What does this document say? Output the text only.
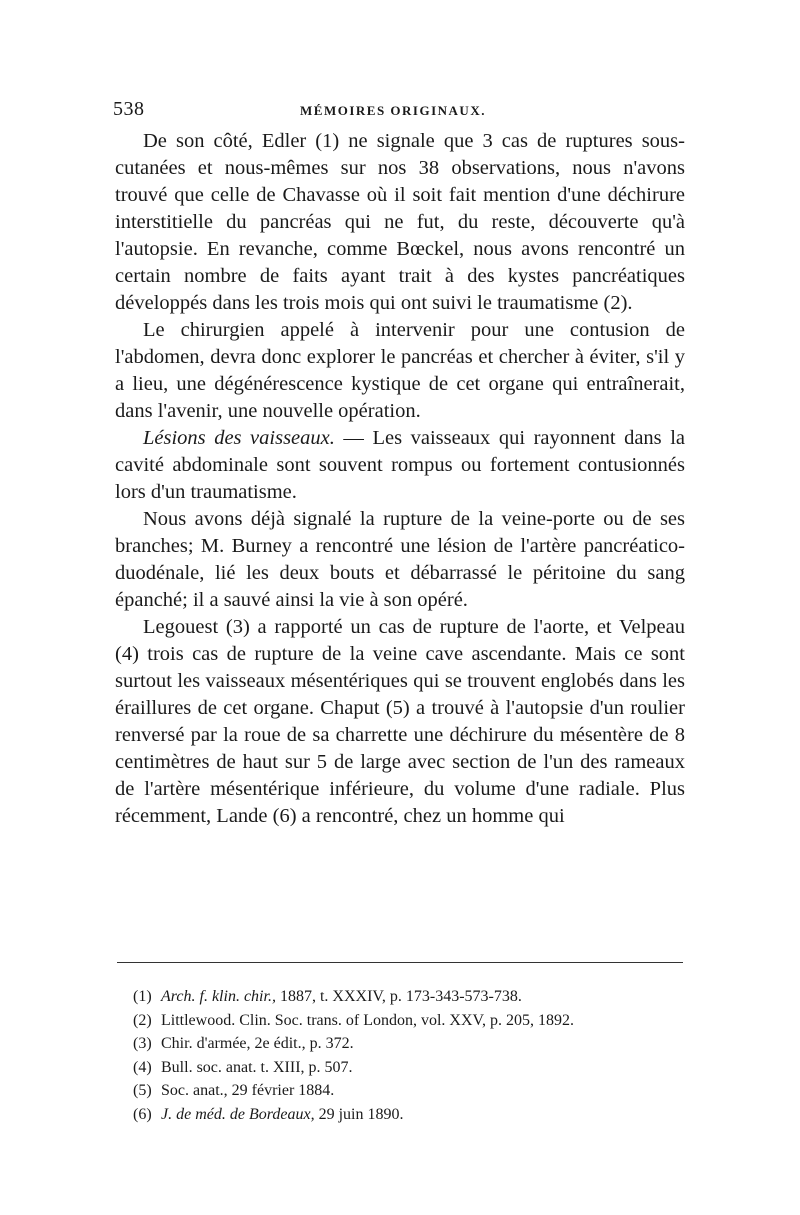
538	MÉMOIRES ORIGINAUX.

De son côté, Edler (1) ne signale que 3 cas de ruptures sous-cutanées et nous-mêmes sur nos 38 observations, nous n'avons trouvé que celle de Chavasse où il soit fait mention d'une déchirure interstitielle du pancréas qui ne fut, du reste, découverte qu'à l'autopsie. En revanche, comme Bœckel, nous avons rencontré un certain nombre de faits ayant trait à des kystes pancréatiques développés dans les trois mois qui ont suivi le traumatisme (2).

Le chirurgien appelé à intervenir pour une contusion de l'abdomen, devra donc explorer le pancréas et chercher à éviter, s'il y a lieu, une dégénérescence kystique de cet organe qui entraînerait, dans l'avenir, une nouvelle opération.

Lésions des vaisseaux. — Les vaisseaux qui rayonnent dans la cavité abdominale sont souvent rompus ou fortement contusionnés lors d'un traumatisme.

Nous avons déjà signalé la rupture de la veine-porte ou de ses branches; M. Burney a rencontré une lésion de l'artère pancréatico-duodénale, lié les deux bouts et débarrassé le péritoine du sang épanché; il a sauvé ainsi la vie à son opéré.

Legouest (3) a rapporté un cas de rupture de l'aorte, et Velpeau (4) trois cas de rupture de la veine cave ascendante. Mais ce sont surtout les vaisseaux mésentériques qui se trouvent englobés dans les éraillures de cet organe. Chaput (5) a trouvé à l'autopsie d'un roulier renversé par la roue de sa charrette une déchirure du mésentère de 8 centimètres de haut sur 5 de large avec section de l'un des rameaux de l'artère mésentérique inférieure, du volume d'une radiale. Plus récemment, Lande (6) a rencontré, chez un homme qui

(1) Arch. f. klin. chir., 1887, t. XXXIV, p. 173-343-573-738.
(2) Littlewood. Clin. Soc. trans. of London, vol. XXV, p. 205, 1892.
(3) Chir. d'armée, 2e édit., p. 372.
(4) Bull. soc. anat. t. XIII, p. 507.
(5) Soc. anat., 29 février 1884.
(6) J. de méd. de Bordeaux, 29 juin 1890.
